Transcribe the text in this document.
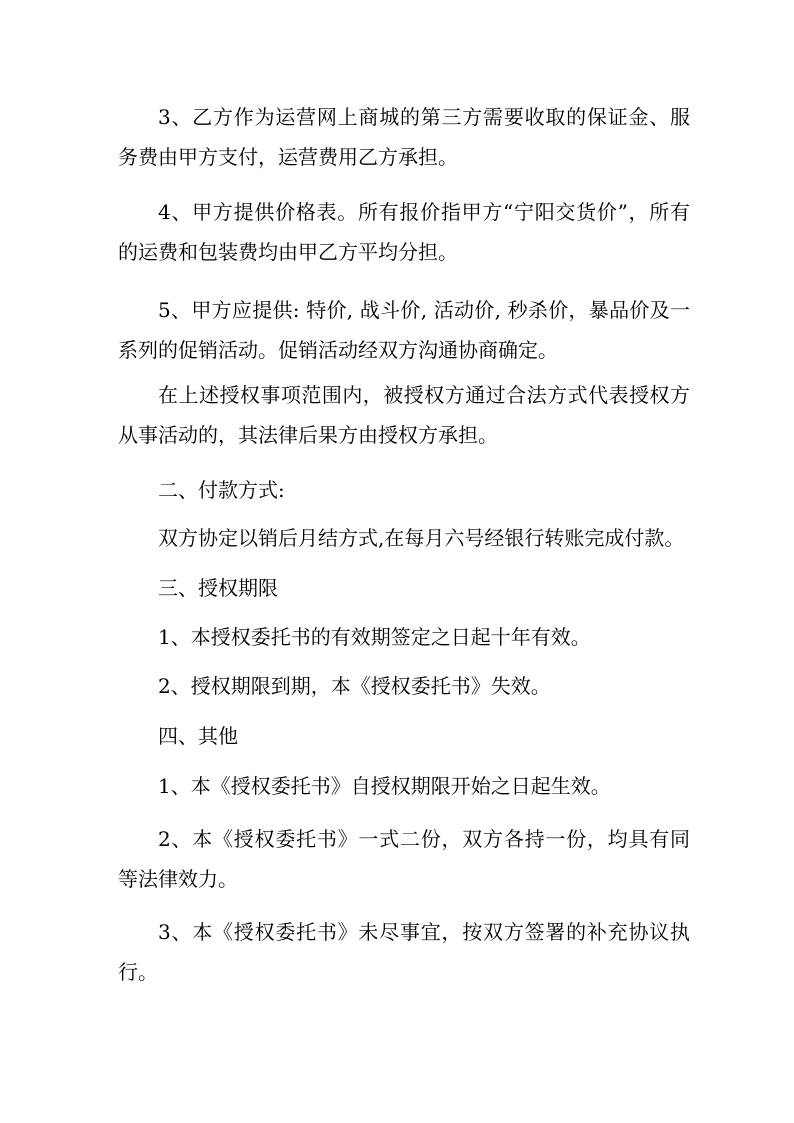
3、乙方作为运营网上商城的第三方需要收取的保证金、服务费由甲方支付，运营费用乙方承担。

4、甲方提供价格表。所有报价指甲方“宁阳交货价”，所有的运费和包装费均由甲乙方平均分担。

5、甲方应提供: 特价, 战斗价, 活动价, 秒杀价，暴品价及一系列的促销活动。促销活动经双方沟通协商确定。

在上述授权事项范围内，被授权方通过合法方式代表授权方从事活动的，其法律后果方由授权方承担。

二、付款方式:

双方协定以销后月结方式,在每月六号经银行转账完成付款。

三、授权期限

1、本授权委托书的有效期签定之日起十年有效。

2、授权期限到期，本《授权委托书》失效。

四、其他

1、本《授权委托书》自授权期限开始之日起生效。

2、本《授权委托书》一式二份，双方各持一份，均具有同等法律效力。

3、本《授权委托书》未尽事宜，按双方签署的补充协议执行。
